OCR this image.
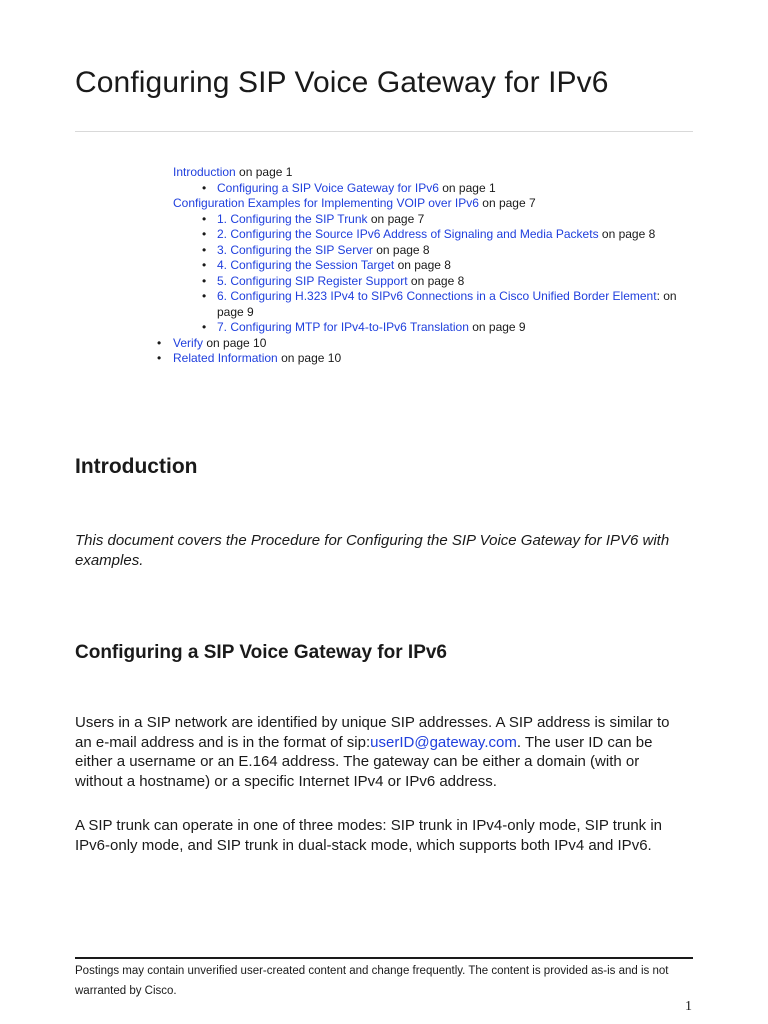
Configuring SIP Voice Gateway for IPv6
Introduction on page 1
• Configuring a SIP Voice Gateway for IPv6 on page 1
Configuration Examples for Implementing VOIP over IPv6 on page 7
• 1. Configuring the SIP Trunk on page 7
• 2. Configuring the Source IPv6 Address of Signaling and Media Packets on page 8
• 3. Configuring the SIP Server on page 8
• 4. Configuring the Session Target on page 8
• 5. Configuring SIP Register Support on page 8
• 6. Configuring H.323 IPv4 to SIPv6 Connections in a Cisco Unified Border Element: on
page 9
• 7. Configuring MTP for IPv4-to-IPv6 Translation on page 9
• Verify on page 10
• Related Information on page 10
Introduction

This document covers the Procedure for Configuring the SIP Voice Gateway for IPV6 with examples.

Configuring a SIP Voice Gateway for IPv6

Users in a SIP network are identified by unique SIP addresses. A SIP address is similar to an e-mail address and is in the format of sip:userID@gateway.com. The user ID can be either a username or an E.164 address. The gateway can be either a domain (with or without a hostname) or a specific Internet IPv4 or IPv6 address.

A SIP trunk can operate in one of three modes: SIP trunk in IPv4-only mode, SIP trunk in IPv6-only mode, and SIP trunk in dual-stack mode, which supports both IPv4 and IPv6.

Postings may contain unverified user-created content and change frequently. The content is provided as-is and is not warranted by Cisco.

1
